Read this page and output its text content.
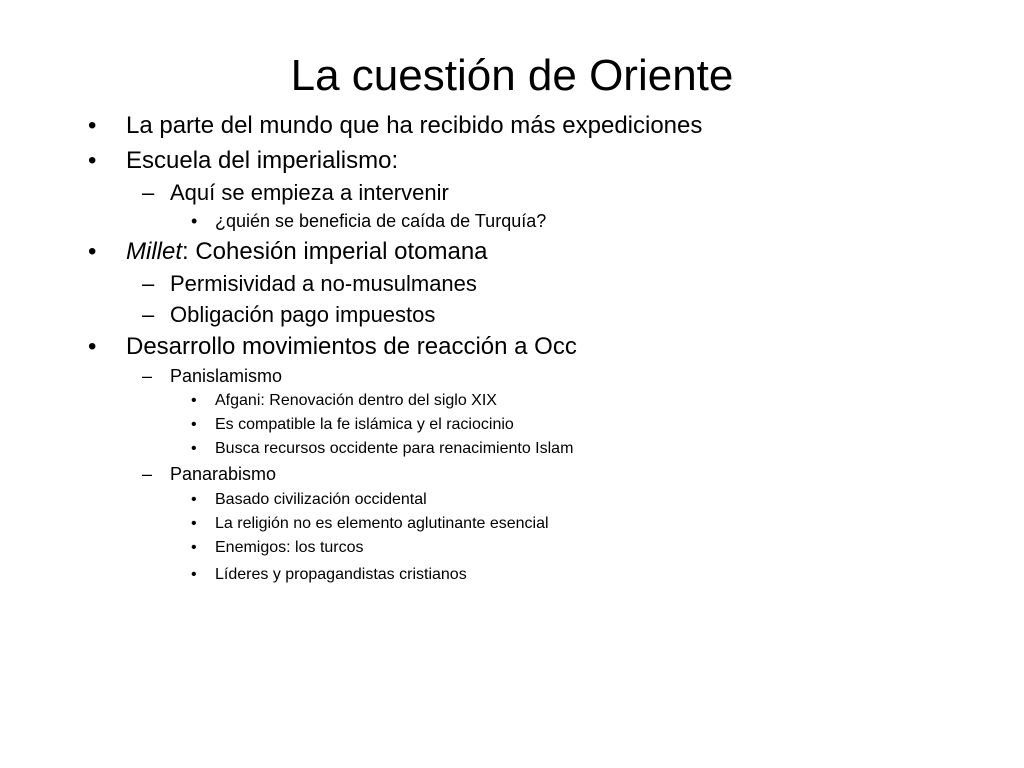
La cuestión de Oriente
• La parte del mundo que ha recibido más expediciones
• Escuela del imperialismo:
– Aquí se empieza a intervenir
• ¿quién se beneficia de caída de Turquía?
• Millet: Cohesión imperial otomana
– Permisividad a no-musulmanes
– Obligación pago impuestos
• Desarrollo movimientos de reacción a Occ
– Panislamismo
• Afgani: Renovación dentro del siglo XIX
• Es compatible la fe islámica y el raciocinio
• Busca recursos occidente para renacimiento Islam
– Panarabismo
• Basado civilización occidental
• La religión no es elemento aglutinante esencial
• Enemigos: los turcos
• Líderes y propagandistas cristianos
